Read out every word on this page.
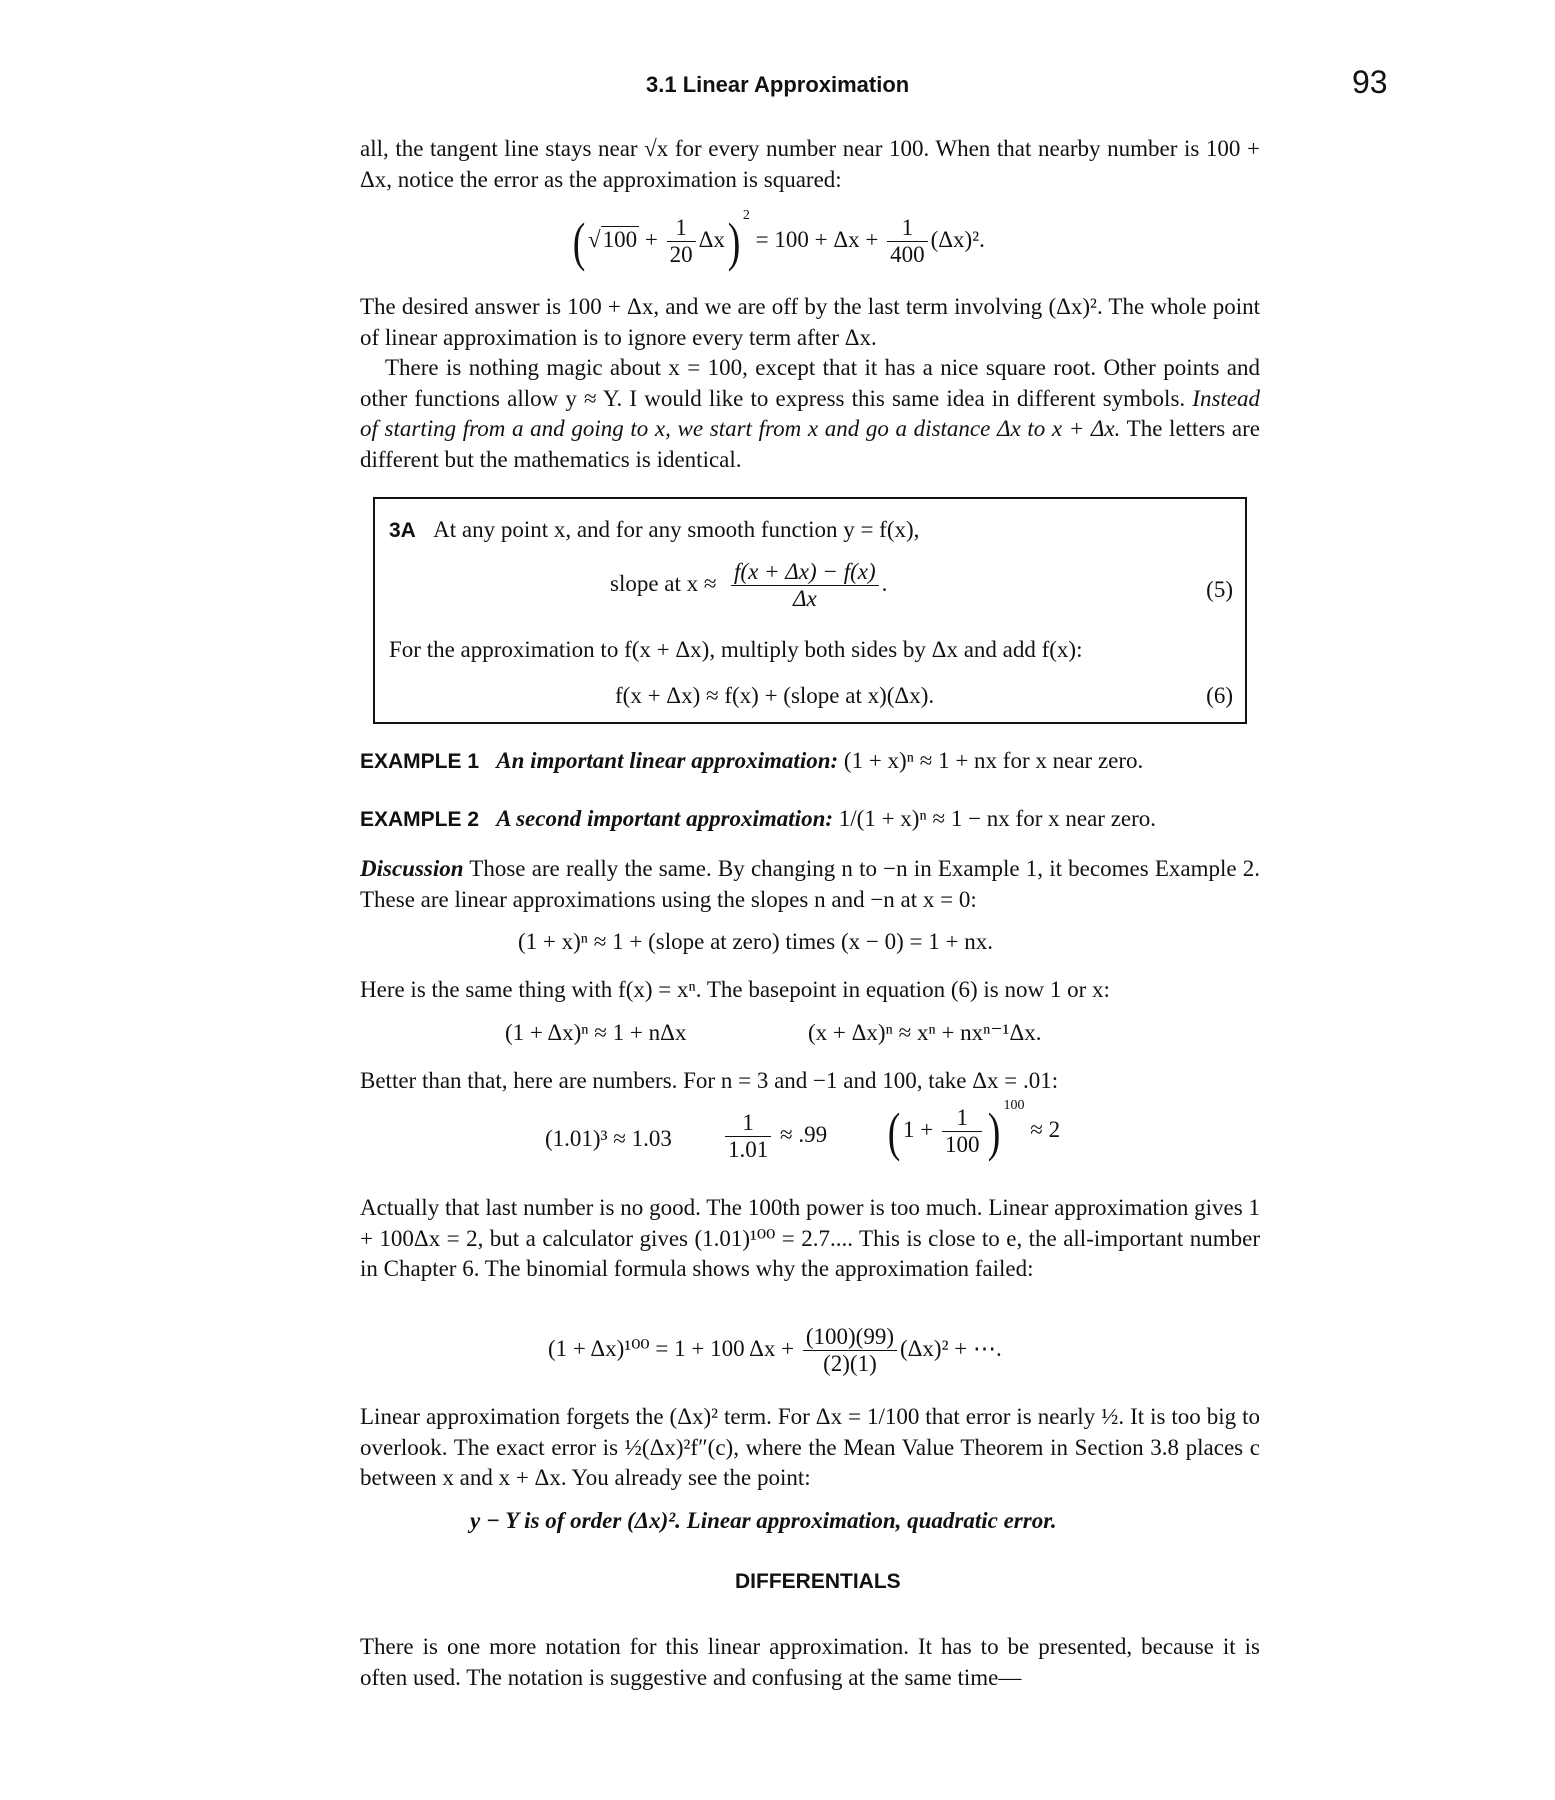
3.1 Linear Approximation	93
all, the tangent line stays near √x for every number near 100. When that nearby number is 100 + Δx, notice the error as the approximation is squared:
( $√100 + \frac{1}{20} \Delta x$) $^2 = 100 + \Delta x + \frac{1}{400} (\Delta x)^2$.
The desired answer is 100 + Δx, and we are off by the last term involving (Δx)². The whole point of linear approximation is to ignore every term after Δx.
There is nothing magic about x = 100, except that it has a nice square root. Other points and other functions allow y ≈ Y. I would like to express this same idea in different symbols. Instead of starting from a and going to x, we start from x and go a distance Δx to x + Δx. The letters are different but the mathematics is identical.
3A At any point x, and for any smooth function y = f(x),
slope at $x \approx \frac{f(x + \Delta x) - f(x)}{\Delta x}$ .	(5)
For the approximation to f(x + Δx), multiply both sides by Δx and add f(x):
f(x + Δx) ≈ f(x) + (slope at x)(Δx).	(6)
EXAMPLE 1 An important linear approximation: (1 + x)ⁿ ≈ 1 + nx for x near zero.
EXAMPLE 2 A second important approximation: 1/(1 + x)ⁿ ≈ 1 − nx for x near zero.
Discussion Those are really the same. By changing n to −n in Example 1, it becomes Example 2. These are linear approximations using the slopes n and −n at x = 0:
(1 + x)ⁿ ≈ 1 + (slope at zero) times (x − 0) = 1 + nx.
Here is the same thing with f(x) = xⁿ. The basepoint in equation (6) is now 1 or x:
(1 + Δx)ⁿ ≈ 1 + nΔx	(x + Δx)ⁿ ≈ xⁿ + nxⁿ⁻¹Δx.
Better than that, here are numbers. For n = 3 and −1 and 100, take Δx = .01:
$(1.01)^3 \approx 1.03 \frac{1}{1.01} \approx .99$ ( $1 + \frac{1}{100}$ ) $^{100}$ ≈ 2
Actually that last number is no good. The 100th power is too much. Linear approximation gives 1 + 100Δx = 2, but a calculator gives (1.01)¹⁰⁰ = 2.7.... This is close to e, the all-important number in Chapter 6. The binomial formula shows why the approximation failed:
(1 + Δx)¹⁰⁰ = 1 + 100 $\Delta x + \frac{(100)(99)}{(2)(1)} (\Delta x)^2$ + ⋯.
Linear approximation forgets the (Δx)² term. For Δx = 1/100 that error is nearly ½. It is too big to overlook. The exact error is ½(Δx)²f″(c), where the Mean Value Theorem in Section 3.8 places c between x and x + Δx. You already see the point:
y − Y is of order (Δx)². Linear approximation, quadratic error.
DIFFERENTIALS
There is one more notation for this linear approximation. It has to be presented, because it is often used. The notation is suggestive and confusing at the same time—
